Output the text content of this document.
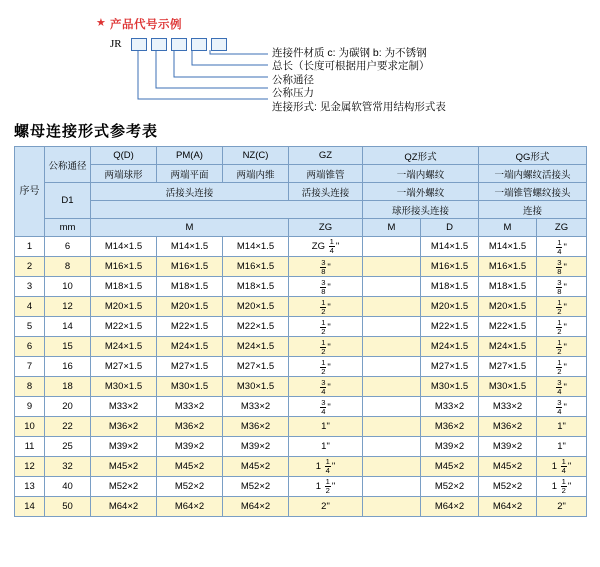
★ 产品代号示例
JR
连接件材质 c: 为碳钢 b: 为不锈钢
总长（长度可根据用户要求定制）
公称通径
公称压力
连接形式: 见金属软管常用结构形式表
螺母连接形式参考表
序号	公称通径	Q(D)	PM(A)	NZ(C)	GZ	QZ形式		QG形式	
		两端球形	两端平面	两端内维	两端锥管	一端内螺纹		一端内螺纹活接头	
	D1	活接头连接			活接头连接	一端外螺纹		一端锥管螺纹接头	
						球形接头连接		连接	
	mm	M			ZG	M	D	M	ZG
1	6	M14×1.5	M14×1.5	M14×1.5	ZG $\frac{1}{4}$ "		M14×1.5	M14×1.5	$\frac{1}{4}$ "

2	8	M16×1.5	M16×1.5	M16×1.5	$\frac{3}{8}$ "		M16×1.5	M16×1.5	$\frac{3}{8}$ "

3	10	M18×1.5	M18×1.5	M18×1.5	$\frac{3}{8}$ "		M18×1.5	M18×1.5	$\frac{3}{8}$ "

4	12	M20×1.5	M20×1.5	M20×1.5	$\frac{1}{2}$ "		M20×1.5	M20×1.5	$\frac{1}{2}$ "

5	14	M22×1.5	M22×1.5	M22×1.5	$\frac{1}{2}$ "		M22×1.5	M22×1.5	$\frac{1}{2}$ "

6	15	M24×1.5	M24×1.5	M24×1.5	$\frac{1}{2}$ "		M24×1.5	M24×1.5	$\frac{1}{2}$ "

7	16	M27×1.5	M27×1.5	M27×1.5	$\frac{1}{2}$ "		M27×1.5	M27×1.5	$\frac{1}{2}$ "

8	18	M30×1.5	M30×1.5	M30×1.5	$\frac{3}{4}$ "		M30×1.5	M30×1.5	$\frac{3}{4}$ "

9	20	M33×2	M33×2	M33×2	$\frac{3}{4}$ "		M33×2	M33×2	$\frac{3}{4}$ "

10	22	M36×2	M36×2	M36×2	1"		M36×2	M36×2	1"
11	25	M39×2	M39×2	M39×2	1"		M39×2	M39×2	1"
12	32	M45×2	M45×2	M45×2	$1 \frac{1}{4}$ "		M45×2	M45×2	$1 \frac{1}{4}$ "

13	40	M52×2	M52×2	M52×2	$1 \frac{1}{2}$ "		M52×2	M52×2	$1 \frac{1}{2}$ "

14	50	M64×2	M64×2	M64×2	2"		M64×2	M64×2	2"
